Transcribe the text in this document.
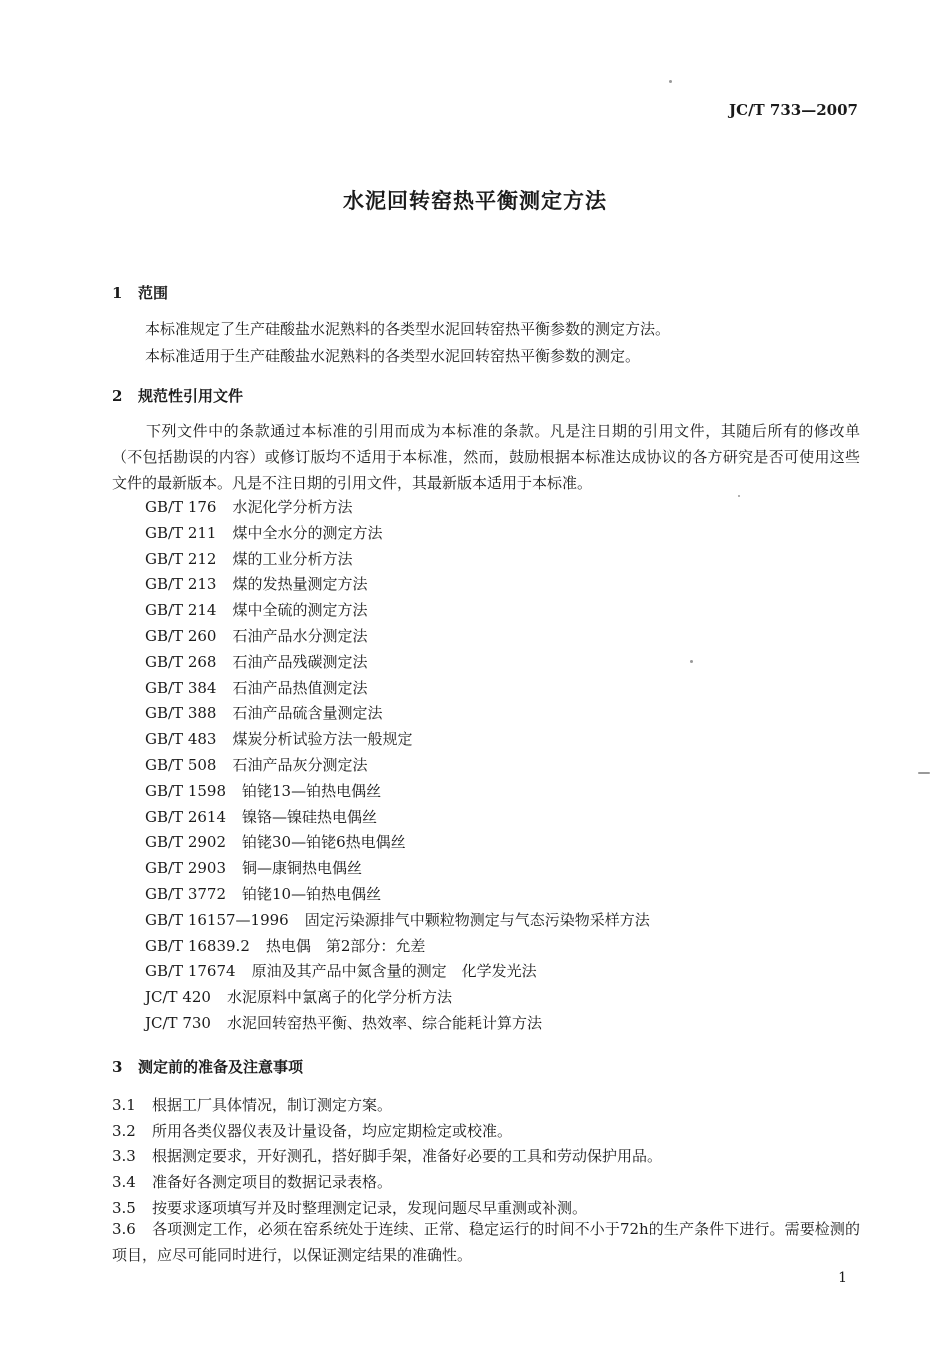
JC/T 733—2007
水泥回转窑热平衡测定方法
1 范围
本标准规定了生产硅酸盐水泥熟料的各类型水泥回转窑热平衡参数的测定方法。
本标准适用于生产硅酸盐水泥熟料的各类型水泥回转窑热平衡参数的测定。
2 规范性引用文件
下列文件中的条款通过本标准的引用而成为本标准的条款。凡是注日期的引用文件，其随后所有的修改单（不包括勘误的内容）或修订版均不适用于本标准，然而，鼓励根据本标准达成协议的各方研究是否可使用这些文件的最新版本。凡是不注日期的引用文件，其最新版本适用于本标准。
GB/T 176 水泥化学分析方法
GB/T 211 煤中全水分的测定方法
GB/T 212 煤的工业分析方法
GB/T 213 煤的发热量测定方法
GB/T 214 煤中全硫的测定方法
GB/T 260 石油产品水分测定法
GB/T 268 石油产品残碳测定法
GB/T 384 石油产品热值测定法
GB/T 388 石油产品硫含量测定法
GB/T 483 煤炭分析试验方法一般规定
GB/T 508 石油产品灰分测定法
GB/T 1598 铂铑13—铂热电偶丝
GB/T 2614 镍铬—镍硅热电偶丝
GB/T 2902 铂铑30—铂铑6热电偶丝
GB/T 2903 铜—康铜热电偶丝
GB/T 3772 铂铑10—铂热电偶丝
GB/T 16157—1996 固定污染源排气中颗粒物测定与气态污染物采样方法
GB/T 16839.2 热电偶　第2部分：允差
GB/T 17674 原油及其产品中氮含量的测定　化学发光法
JC/T 420 水泥原料中氯离子的化学分析方法
JC/T 730 水泥回转窑热平衡、热效率、综合能耗计算方法
3 测定前的准备及注意事项
3.1 根据工厂具体情况，制订测定方案。
3.2 所用各类仪器仪表及计量设备，均应定期检定或校准。
3.3 根据测定要求，开好测孔，搭好脚手架，准备好必要的工具和劳动保护用品。
3.4 准备好各测定项目的数据记录表格。
3.5 按要求逐项填写并及时整理测定记录，发现问题尽早重测或补测。
3.6 各项测定工作，必须在窑系统处于连续、正常、稳定运行的时间不小于72h的生产条件下进行。需要检测的项目，应尽可能同时进行，以保证测定结果的准确性。
1
